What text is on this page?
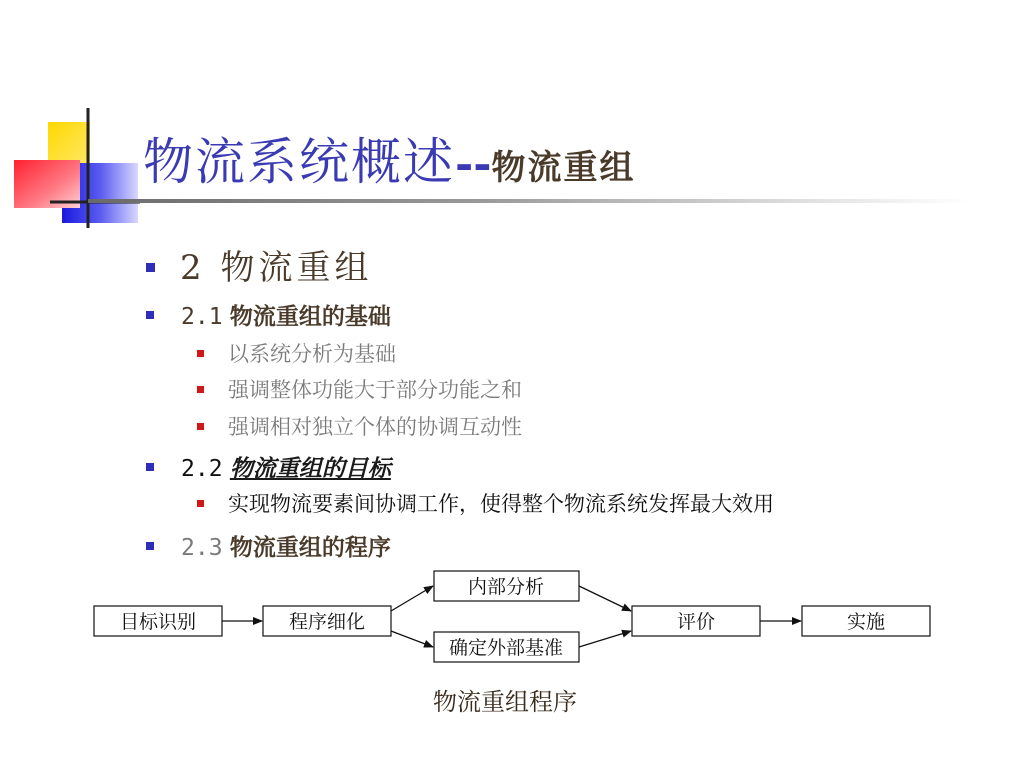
物流系统概述--物流重组
2 物流重组
2.1 物流重组的基础
以系统分析为基础
强调整体功能大于部分功能之和
强调相对独立个体的协调互动性
2.2 物流重组的目标
实现物流要素间协调工作，使得整个物流系统发挥最大效用
2.3 物流重组的程序
目标识别	程序细化
内部分析
确定外部基准
评价	实施
物流重组程序
